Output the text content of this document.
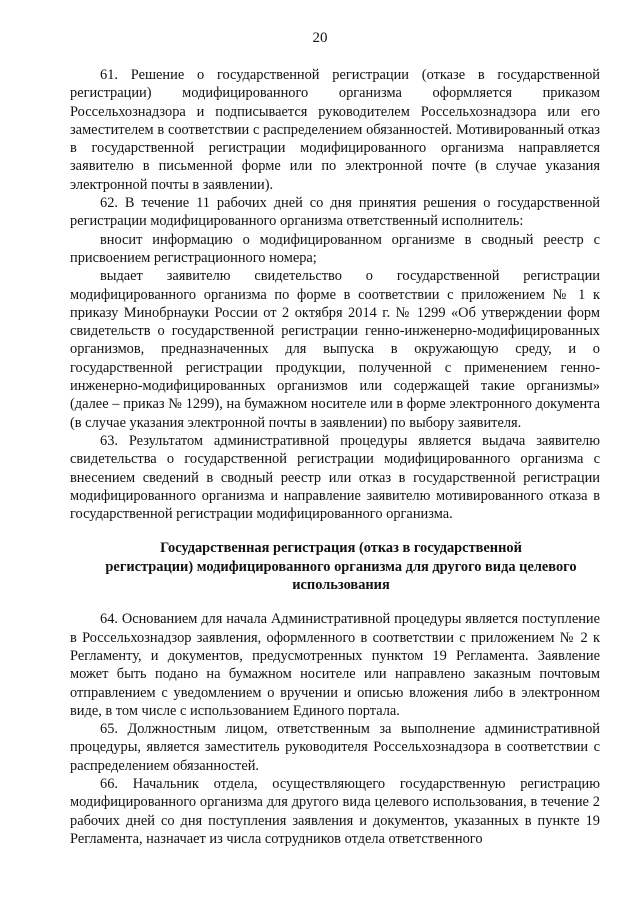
20

61. Решение о государственной регистрации (отказе в государственной регистрации) модифицированного организма оформляется приказом Россельхознадзора и подписывается руководителем Россельхознадзора или его заместителем в соответствии с распределением обязанностей. Мотивированный отказ в государственной регистрации модифицированного организма направляется заявителю в письменной форме или по электронной почте (в случае указания электронной почты в заявлении).

62. В течение 11 рабочих дней со дня принятия решения о государственной регистрации модифицированного организма ответственный исполнитель:

вносит информацию о модифицированном организме в сводный реестр с присвоением регистрационного номера;

выдает заявителю свидетельство о государственной регистрации модифицированного организма по форме в соответствии с приложением № 1 к приказу Минобрнауки России от 2 октября 2014 г. № 1299 «Об утверждении форм свидетельств о государственной регистрации генно-инженерно-модифицированных организмов, предназначенных для выпуска в окружающую среду, и о государственной регистрации продукции, полученной с применением генно-инженерно-модифицированных организмов или содержащей такие организмы» (далее – приказ № 1299), на бумажном носителе или в форме электронного документа (в случае указания электронной почты в заявлении) по выбору заявителя.

63. Результатом административной процедуры является выдача заявителю свидетельства о государственной регистрации модифицированного организма с внесением сведений в сводный реестр или отказ в государственной регистрации модифицированного организма и направление заявителю мотивированного отказа в государственной регистрации модифицированного организма.

Государственная регистрация (отказ в государственной
регистрации) модифицированного организма для другого вида целевого
использования

64. Основанием для начала Административной процедуры является поступление в Россельхознадзор заявления, оформленного в соответствии с приложением № 2 к Регламенту, и документов, предусмотренных пунктом 19 Регламента. Заявление может быть подано на бумажном носителе или направлено заказным почтовым отправлением с уведомлением о вручении и описью вложения либо в электронном виде, в том числе с использованием Единого портала.

65. Должностным лицом, ответственным за выполнение административной процедуры, является заместитель руководителя Россельхознадзора в соответствии с распределением обязанностей.

66. Начальник отдела, осуществляющего государственную регистрацию модифицированного организма для другого вида целевого использования, в течение 2 рабочих дней со дня поступления заявления и документов, указанных в пункте 19 Регламента, назначает из числа сотрудников отдела ответственного
